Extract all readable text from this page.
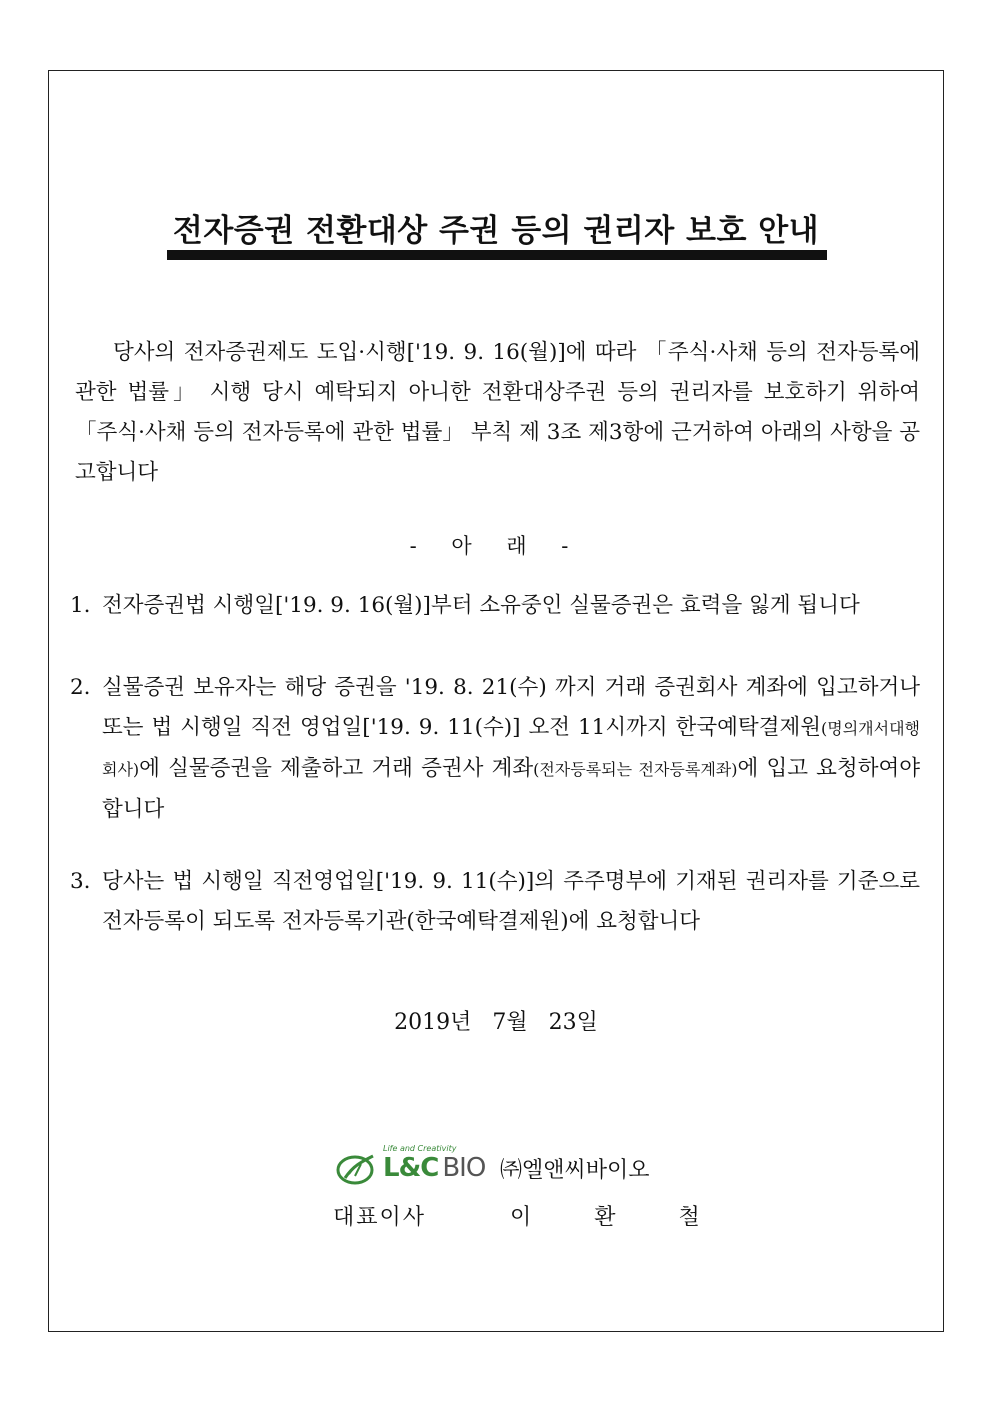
전자증권 전환대상 주권 등의 권리자 보호 안내
당사의 전자증권제도 도입·시행['19. 9. 16(월)]에 따라 「주식·사채 등의 전자등록에 관한 법률」 시행 당시 예탁되지 아니한 전환대상주권 등의 권리자를 보호하기 위하여 「주식·사채 등의 전자등록에 관한 법률」 부칙 제 3조 제3항에 근거하여 아래의 사항을 공고합니다
- 아 래 -
1. 전자증권법 시행일['19. 9. 16(월)]부터 소유중인 실물증권은 효력을 잃게 됩니다
2. 실물증권 보유자는 해당 증권을 '19. 8. 21(수) 까지 거래 증권회사 계좌에 입고하거나 또는 법 시행일 직전 영업일['19. 9. 11(수)] 오전 11시까지 한국예탁결제원(명의개서대행회사)에 실물증권을 제출하고 거래 증권사 계좌(전자등록되는 전자등록계좌)에 입고 요청하여야 합니다
3. 당사는 법 시행일 직전영업일['19. 9. 11(수)]의 주주명부에 기재된 권리자를 기준으로 전자등록이 되도록 전자등록기관(한국예탁결제원)에 요청합니다
2019년 7월 23일
Life and Creativity
L&C BIO ㈜엘앤씨바이오
대표이사	이 환 철
